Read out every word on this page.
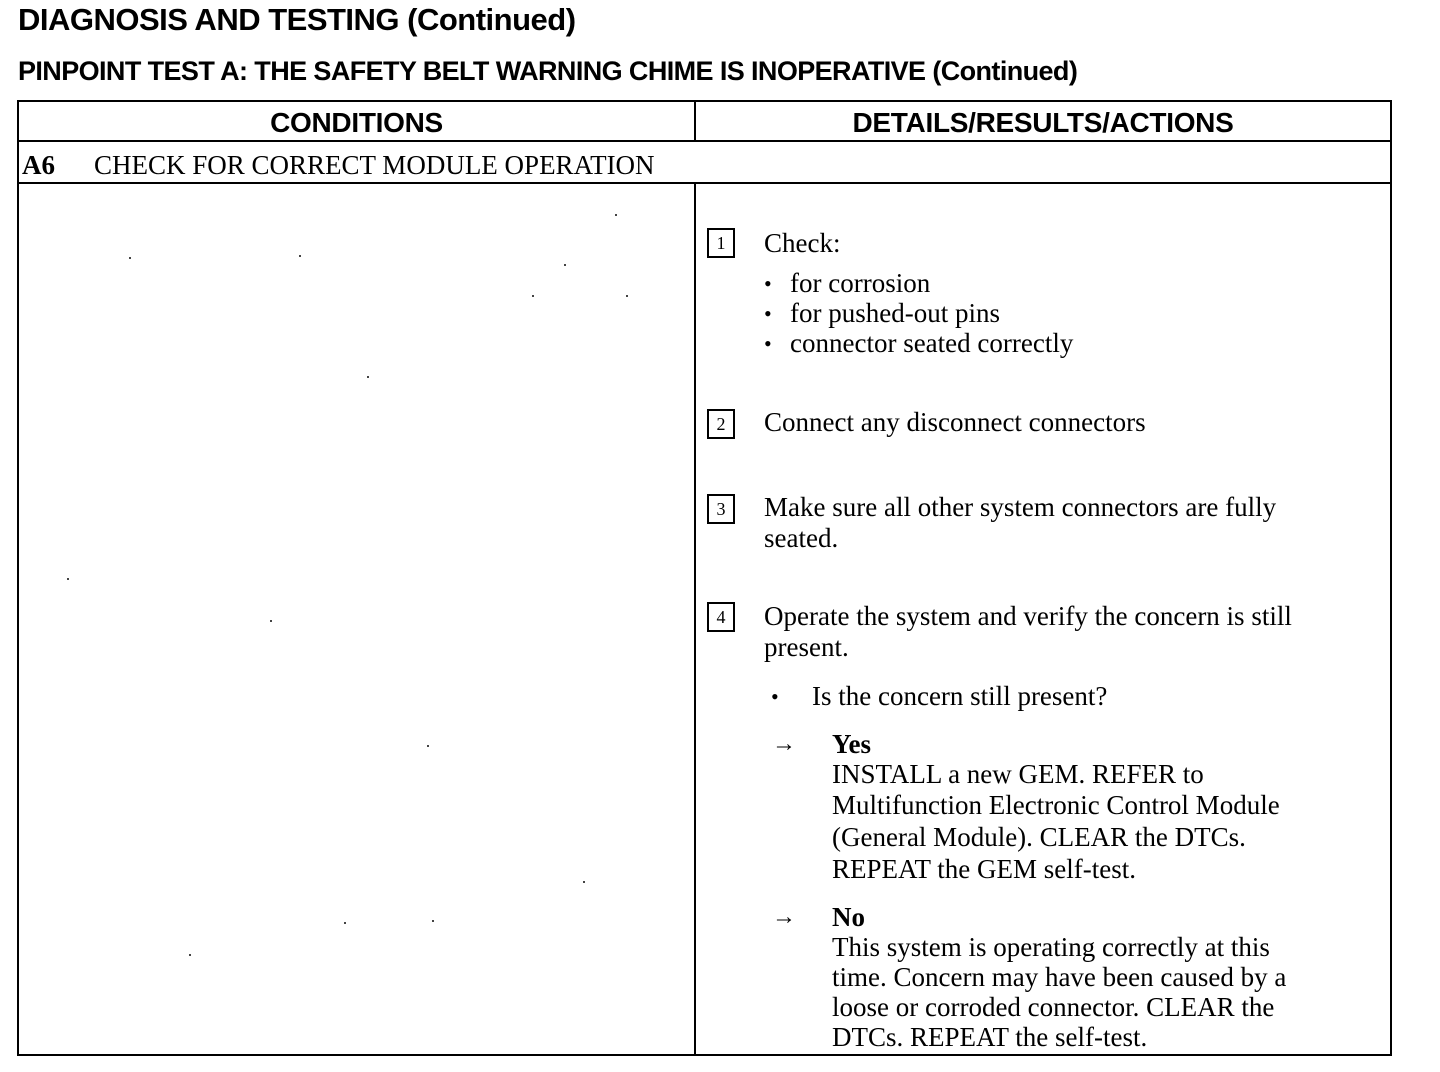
DIAGNOSIS AND TESTING (Continued)
PINPOINT TEST A: THE SAFETY BELT WARNING CHIME IS INOPERATIVE (Continued)
CONDITIONS	DETAILS/RESULTS/ACTIONS
A6 CHECK FOR CORRECT MODULE OPERATION
1	Check:
• for corrosion
• for pushed-out pins
• connector seated correctly
2	Connect any disconnect connectors
3	Make sure all other system connectors are fully
seated.
4	Operate the system and verify the concern is still
present.
• Is the concern still present?
→ Yes
INSTALL a new GEM. REFER to
Multifunction Electronic Control Module
(General Module). CLEAR the DTCs.
REPEAT the GEM self-test.
→ No
This system is operating correctly at this
time. Concern may have been caused by a
loose or corroded connector. CLEAR the
DTCs. REPEAT the self-test.
